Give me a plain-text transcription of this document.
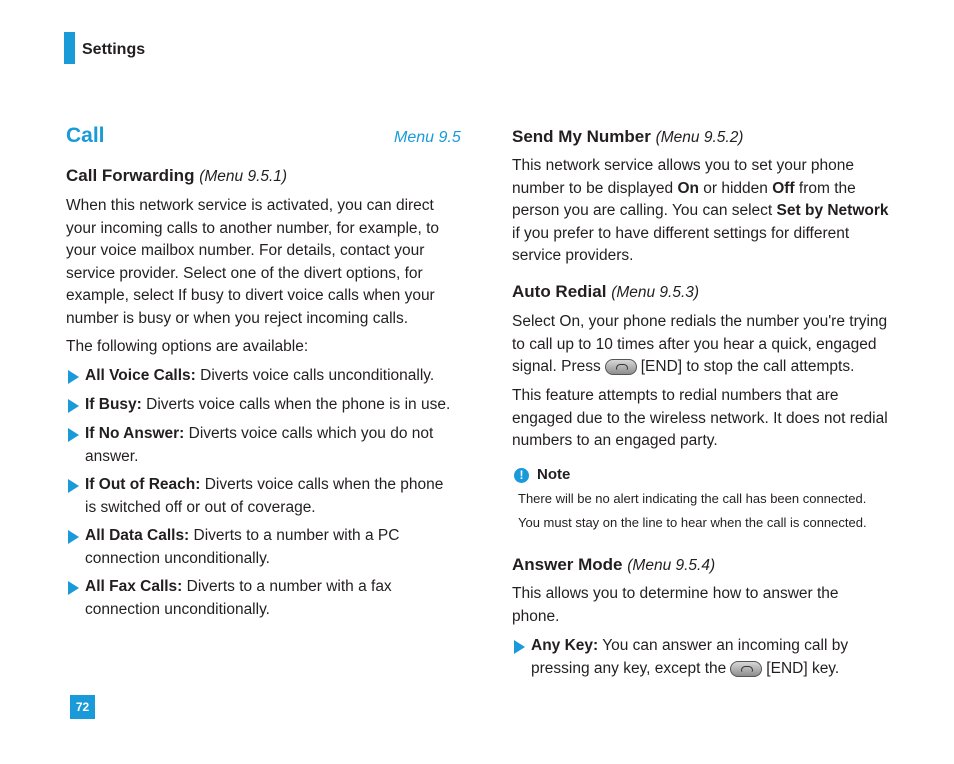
Settings
Call	Menu 9.5
Call Forwarding (Menu 9.5.1)
When this network service is activated, you can direct
your incoming calls to another number, for example, to
your voice mailbox number. For details, contact your
service provider. Select one of the divert options, for
example, select If busy to divert voice calls when your
number is busy or when you reject incoming calls.
The following options are available:
All Voice Calls: Diverts voice calls unconditionally.
If Busy: Diverts voice calls when the phone is in use.
If No Answer: Diverts voice calls which you do not
answer.
If Out of Reach: Diverts voice calls when the phone
is switched off or out of coverage.
All Data Calls: Diverts to a number with a PC
connection unconditionally.
All Fax Calls: Diverts to a number with a fax
connection unconditionally.
Send My Number (Menu 9.5.2)
This network service allows you to set your phone
number to be displayed On or hidden Off from the
person you are calling. You can select Set by Network
if you prefer to have different settings for different
service providers.
Auto Redial (Menu 9.5.3)
Select On, your phone redials the number you're trying
to call up to 10 times after you hear a quick, engaged
signal. Press	[END] to stop the call attempts.
This feature attempts to redial numbers that are
engaged due to the wireless network. It does not redial
numbers to an engaged party.
! Note
There will be no alert indicating the call has been connected.
You must stay on the line to hear when the call is connected.
Answer Mode (Menu 9.5.4)
This allows you to determine how to answer the
phone.
Any Key: You can answer an incoming call by
pressing any key, except the	[END] key.
72
